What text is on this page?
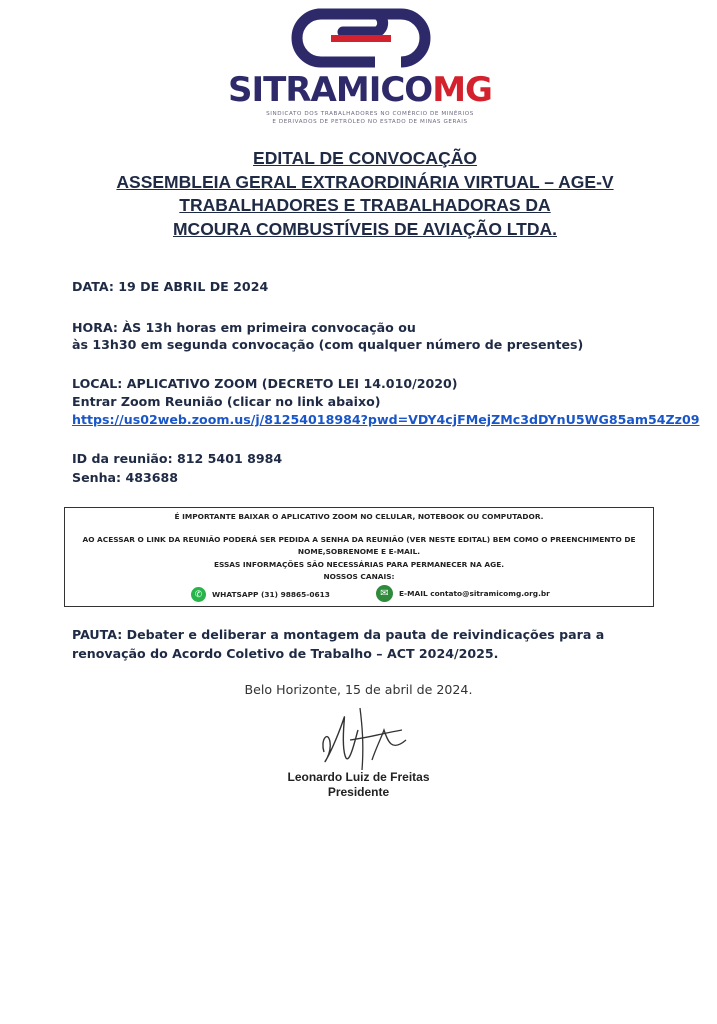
SITRAMICOMG
SINDICATO DOS TRABALHADORES NO COMÉRCIO DE MINÉRIOS
E DERIVADOS DE PETRÓLEO NO ESTADO DE MINAS GERAIS
EDITAL DE CONVOCAÇÃO
ASSEMBLEIA GERAL EXTRAORDINÁRIA VIRTUAL – AGE-V
TRABALHADORES E TRABALHADORAS DA
MCOURA COMBUSTÍVEIS DE AVIAÇÃO LTDA.
DATA: 19 DE ABRIL DE 2024
HORA: ÀS 13h horas em primeira convocação ou
às 13h30 em segunda convocação (com qualquer número de presentes)
LOCAL: APLICATIVO ZOOM (DECRETO LEI 14.010/2020)
Entrar Zoom Reunião (clicar no link abaixo)
https://us02web.zoom.us/j/81254018984?pwd=VDY4cjFMejZMc3dDYnU5WG85am54Zz09
ID da reunião: 812 5401 8984
Senha: 483688
É IMPORTANTE BAIXAR O APLICATIVO ZOOM NO CELULAR, NOTEBOOK OU COMPUTADOR.
AO ACESSAR O LINK DA REUNIÃO PODERÁ SER PEDIDA A SENHA DA REUNIÃO (VER NESTE EDITAL) BEM COMO O PREENCHIMENTO DE
NOME,SOBRENOME E E-MAIL.
ESSAS INFORMAÇÕES SÃO NECESSÁRIAS PARA PERMANECER NA AGE.
NOSSOS CANAIS:
✆	WHATSAPP (31) 98865-0613	✉	E-MAIL contato@sitramicomg.org.br
PAUTA: Debater e deliberar a montagem da pauta de reivindicações para a renovação do Acordo Coletivo de Trabalho – ACT 2024/2025.
Belo Horizonte, 15 de abril de 2024.
Leonardo Luiz de Freitas
Presidente
